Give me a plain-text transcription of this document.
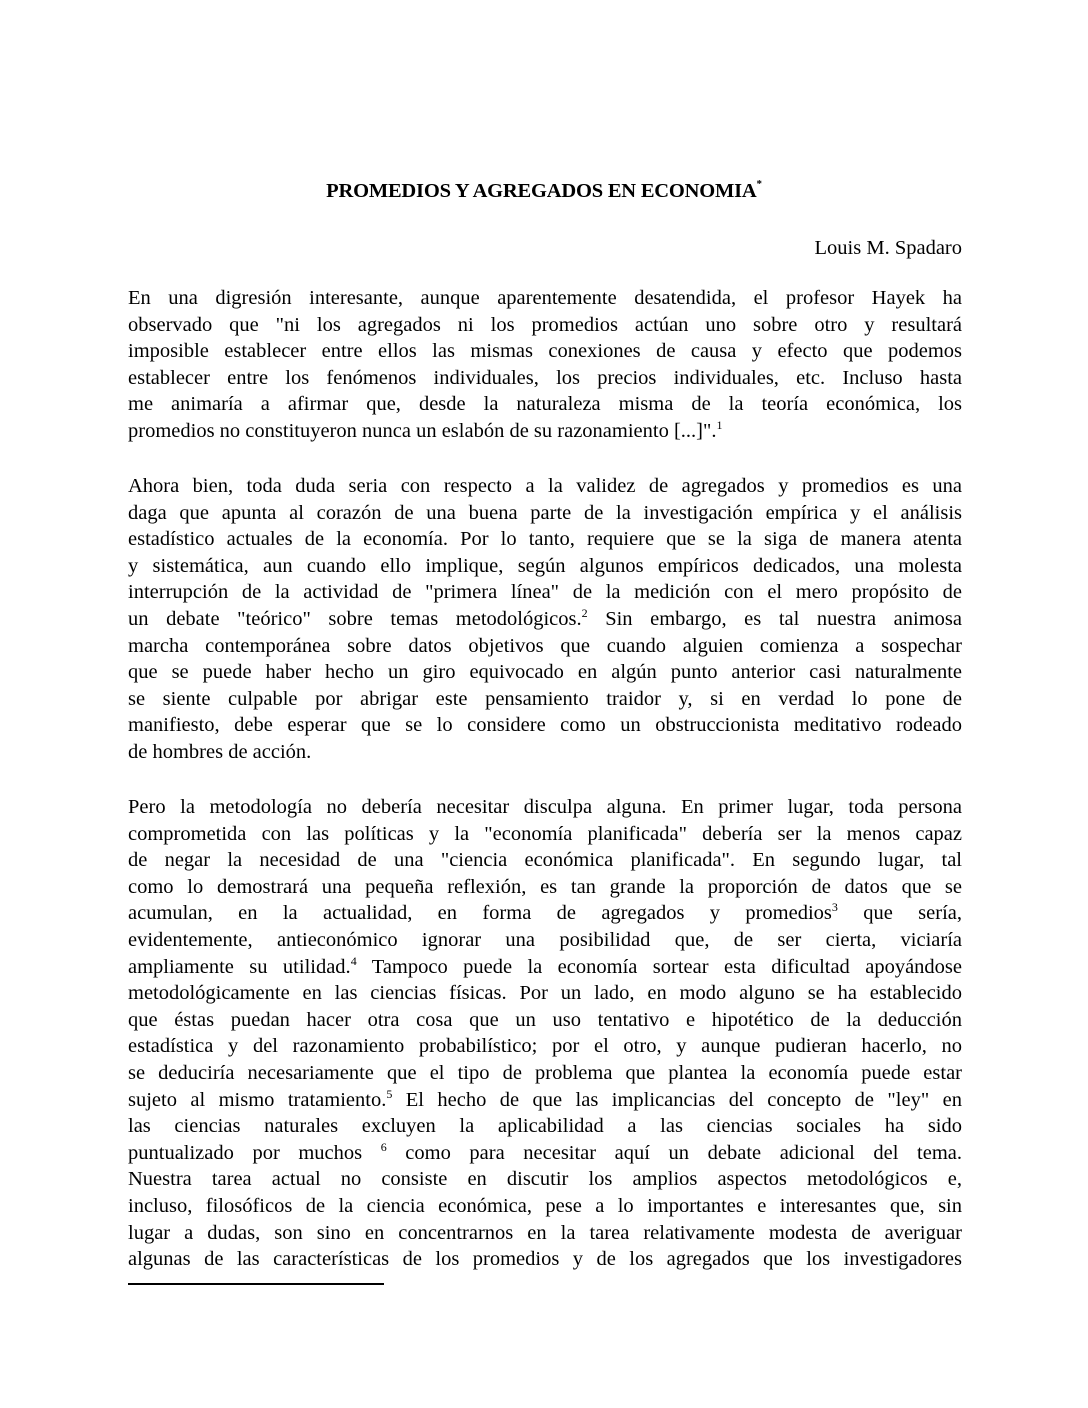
PROMEDIOS Y AGREGADOS EN ECONOMIA*
Louis M. Spadaro
En una digresión interesante, aunque aparentemente desatendida, el profesor Hayek ha
observado que "ni los agregados ni los promedios actúan uno sobre otro y resultará
imposible establecer entre ellos las mismas conexiones de causa y efecto que podemos
establecer entre los fenómenos individuales, los precios individuales, etc. Incluso hasta
me animaría a afirmar que, desde la naturaleza misma de la teoría económica, los
promedios no constituyeron nunca un eslabón de su razonamiento [...]".$^1$
Ahora bien, toda duda seria con respecto a la validez de agregados y promedios es una
daga que apunta al corazón de una buena parte de la investigación empírica y el análisis
estadístico actuales de la economía. Por lo tanto, requiere que se la siga de manera atenta
y sistemática, aun cuando ello implique, según algunos empíricos dedicados, una molesta
interrupción de la actividad de "primera línea" de la medición con el mero propósito de
un debate "teórico" sobre temas metodológicos.$^2$ Sin embargo, es tal nuestra animosa
marcha contemporánea sobre datos objetivos que cuando alguien comienza a sospechar
que se puede haber hecho un giro equivocado en algún punto anterior casi naturalmente
se siente culpable por abrigar este pensamiento traidor y, si en verdad lo pone de
manifiesto, debe esperar que se lo considere como un obstruccionista meditativo rodeado
de hombres de acción.
Pero la metodología no debería necesitar disculpa alguna. En primer lugar, toda persona
comprometida con las políticas y la "economía planificada" debería ser la menos capaz
de negar la necesidad de una "ciencia económica planificada". En segundo lugar, tal
como lo demostrará una pequeña reflexión, es tan grande la proporción de datos que se
acumulan, en la actualidad, en forma de agregados y promedios$^3$ que sería,
evidentemente, antieconómico ignorar una posibilidad que, de ser cierta, viciaría
ampliamente su utilidad.$^4$ Tampoco puede la economía sortear esta dificultad apoyándose
metodológicamente en las ciencias físicas. Por un lado, en modo alguno se ha establecido
que éstas puedan hacer otra cosa que un uso tentativo e hipotético de la deducción
estadística y del razonamiento probabilístico; por el otro, y aunque pudieran hacerlo, no
se deduciría necesariamente que el tipo de problema que plantea la economía puede estar
sujeto al mismo tratamiento.$^5$ El hecho de que las implicancias del concepto de "ley" en
las ciencias naturales excluyen la aplicabilidad a las ciencias sociales ha sido
puntualizado por muchos $^6$ como para necesitar aquí un debate adicional del tema.
Nuestra tarea actual no consiste en discutir los amplios aspectos metodológicos e,
incluso, filosóficos de la ciencia económica, pese a lo importantes e interesantes que, sin
lugar a dudas, son sino en concentrarnos en la tarea relativamente modesta de averiguar
algunas de las características de los promedios y de los agregados que los investigadores
